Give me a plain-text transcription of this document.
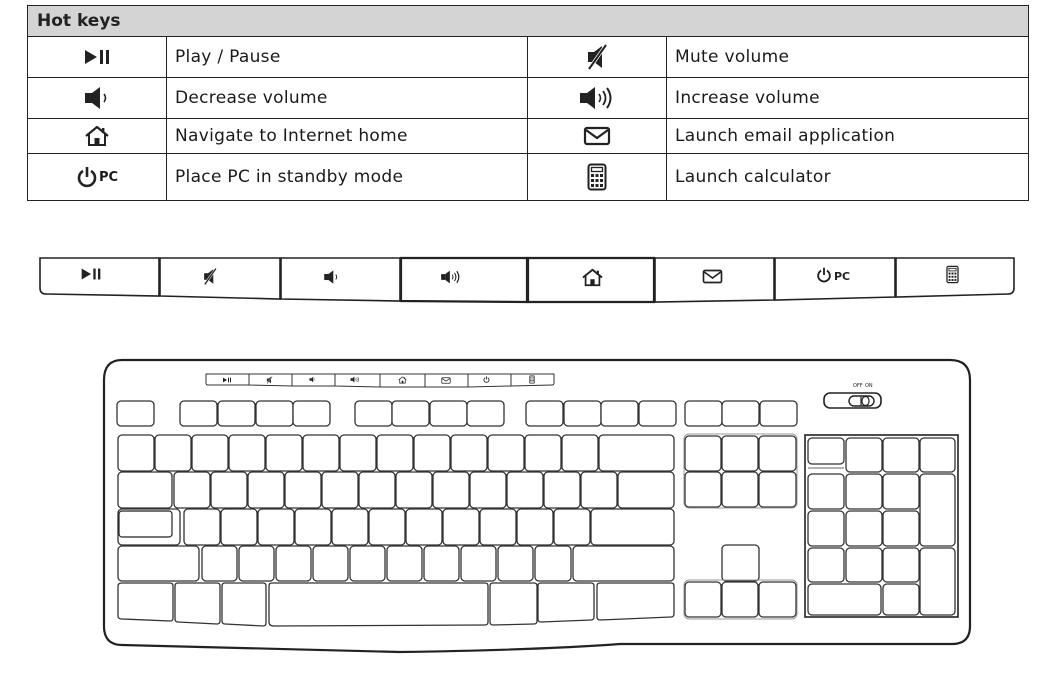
Hot keys			
	Play / Pause		Mute volume
	Decrease volume		Increase volume
	Navigate to Internet home		Launch email application
PC	Place PC in standby mode		Launch calculator
PC
OFF ON
